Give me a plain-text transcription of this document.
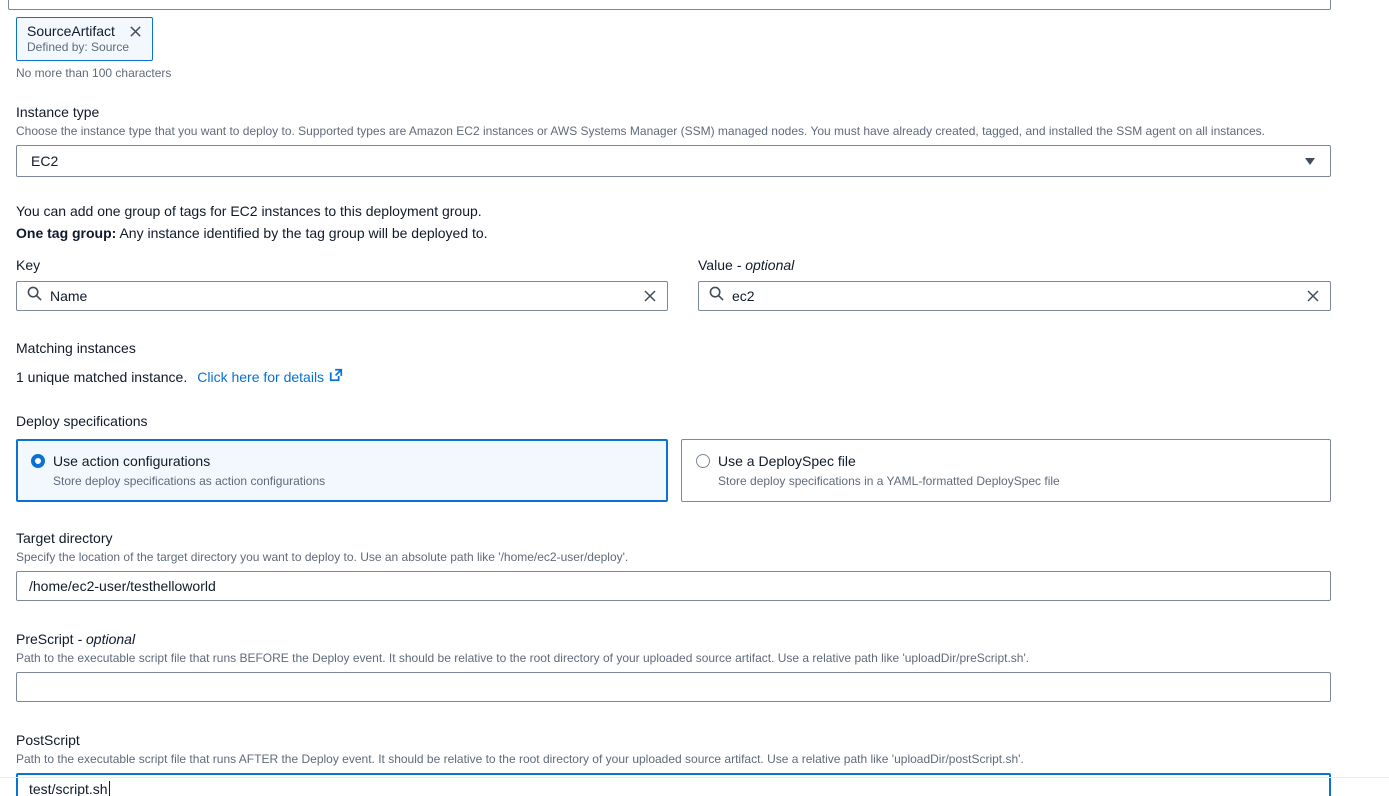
SourceArtifact
Defined by: Source
No more than 100 characters
Instance type
Choose the instance type that you want to deploy to. Supported types are Amazon EC2 instances or AWS Systems Manager (SSM) managed nodes. You must have already created, tagged, and installed the SSM agent on all instances.
EC2
You can add one group of tags for EC2 instances to this deployment group.
One tag group: Any instance identified by the tag group will be deployed to.
Key
Name	Value - optional
ec2
Matching instances
1 unique matched instance. Click here for details
Deploy specifications
Use action configurations
Store deploy specifications as action configurations
Use a DeploySpec file
Store deploy specifications in a YAML-formatted DeploySpec file
Target directory
Specify the location of the target directory you want to deploy to. Use an absolute path like '/home/ec2-user/deploy'.
/home/ec2-user/testhelloworld
PreScript - optional
Path to the executable script file that runs BEFORE the Deploy event. It should be relative to the root directory of your uploaded source artifact. Use a relative path like 'uploadDir/preScript.sh'.
PostScript
Path to the executable script file that runs AFTER the Deploy event. It should be relative to the root directory of your uploaded source artifact. Use a relative path like 'uploadDir/postScript.sh'.
test/script.sh
